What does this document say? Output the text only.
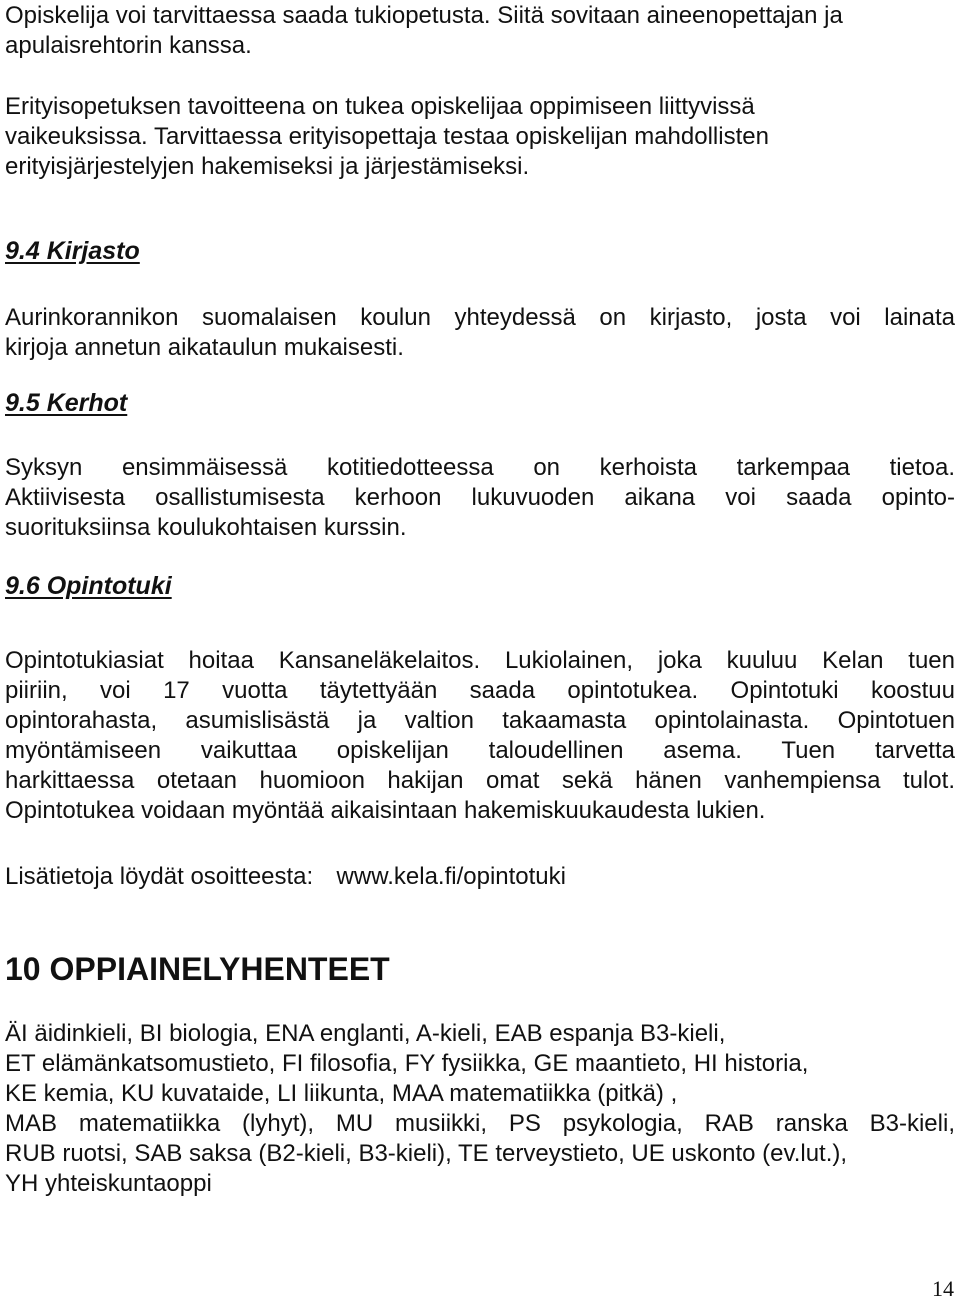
Opiskelija voi tarvittaessa saada tukiopetusta. Siitä sovitaan aineenopettajan ja
apulaisrehtorin kanssa.
Erityisopetuksen tavoitteena on tukea opiskelijaa oppimiseen liittyvissä
vaikeuksissa. Tarvittaessa erityisopettaja testaa opiskelijan mahdollisten
erityisjärjestelyjen hakemiseksi ja järjestämiseksi.
9.4 Kirjasto
Aurinkorannikon suomalaisen koulun yhteydessä on kirjasto, josta voi lainata
kirjoja annetun aikataulun mukaisesti.
9.5 Kerhot
Syksyn ensimmäisessä kotitiedotteessa on kerhoista tarkempaa tietoa.
Aktiivisesta osallistumisesta kerhoon lukuvuoden aikana voi saada opinto-
suorituksiinsa koulukohtaisen kurssin.
9.6 Opintotuki
Opintotukiasiat hoitaa Kansaneläkelaitos. Lukiolainen, joka kuuluu Kelan tuen
piiriin, voi 17 vuotta täytettyään saada opintotukea. Opintotuki koostuu
opintorahasta, asumislisästä ja valtion takaamasta opintolainasta. Opintotuen
myöntämiseen vaikuttaa opiskelijan taloudellinen asema. Tuen tarvetta
harkittaessa otetaan huomioon hakijan omat sekä hänen vanhempiensa tulot.
Opintotukea voidaan myöntää aikaisintaan hakemiskuukaudesta lukien.
Lisätietoja löydät osoitteesta: www.kela.fi/opintotuki
10 OPPIAINELYHENTEET
ÄI äidinkieli, BI biologia, ENA englanti, A-kieli, EAB espanja B3-kieli,
ET elämänkatsomustieto, FI filosofia, FY fysiikka, GE maantieto, HI historia,
KE kemia, KU kuvataide, LI liikunta, MAA matematiikka (pitkä) ,
MAB matematiikka (lyhyt), MU musiikki, PS psykologia, RAB ranska B3-kieli,
RUB ruotsi, SAB saksa (B2-kieli, B3-kieli), TE terveystieto, UE uskonto (ev.lut.),
YH yhteiskuntaoppi
14
